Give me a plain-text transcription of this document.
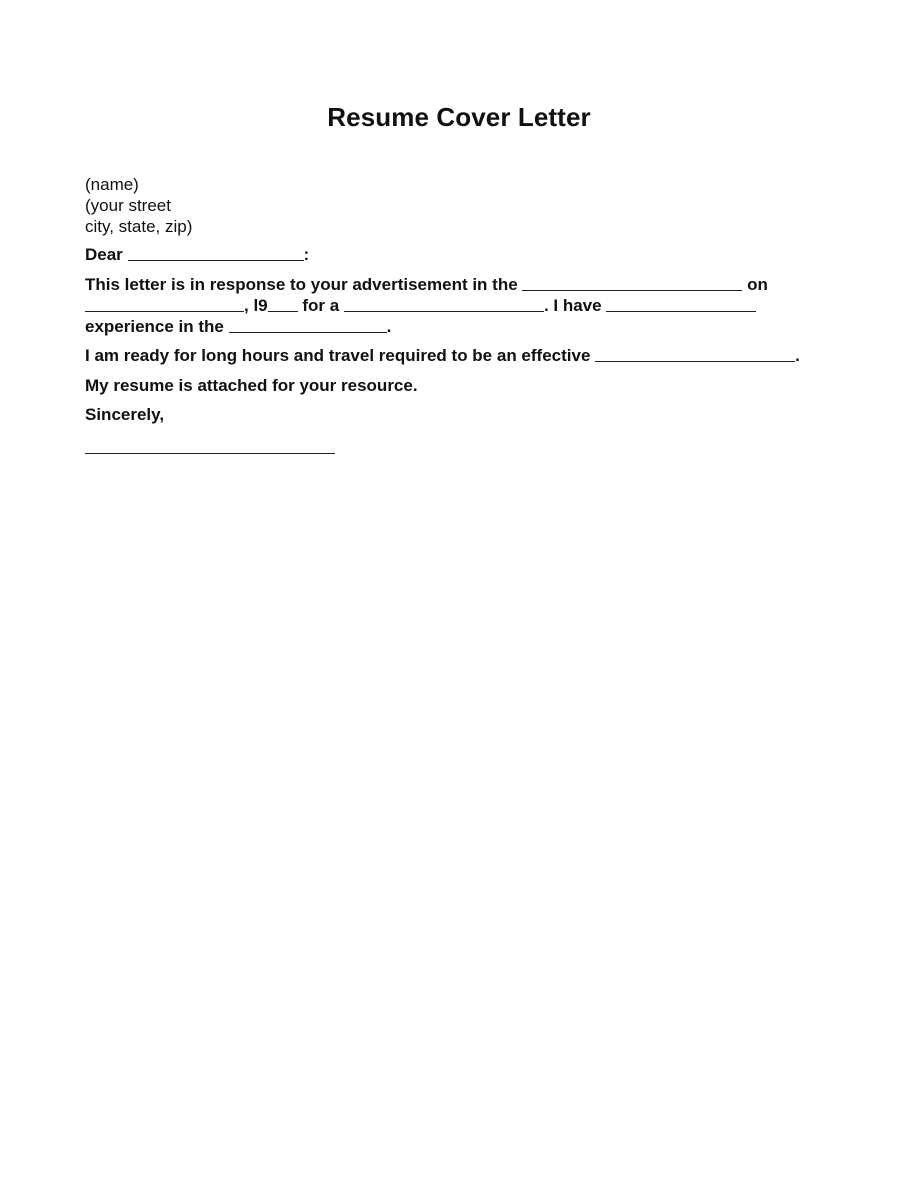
Resume Cover Letter
(name)
(your street
city, state, zip)
Dear	:
This letter is in response to your advertisement in the	on
, l9 for a	. I have
experience in the	.
I am ready for long hours and travel required to be an effective	.
My resume is attached for your resource.
Sincerely,
